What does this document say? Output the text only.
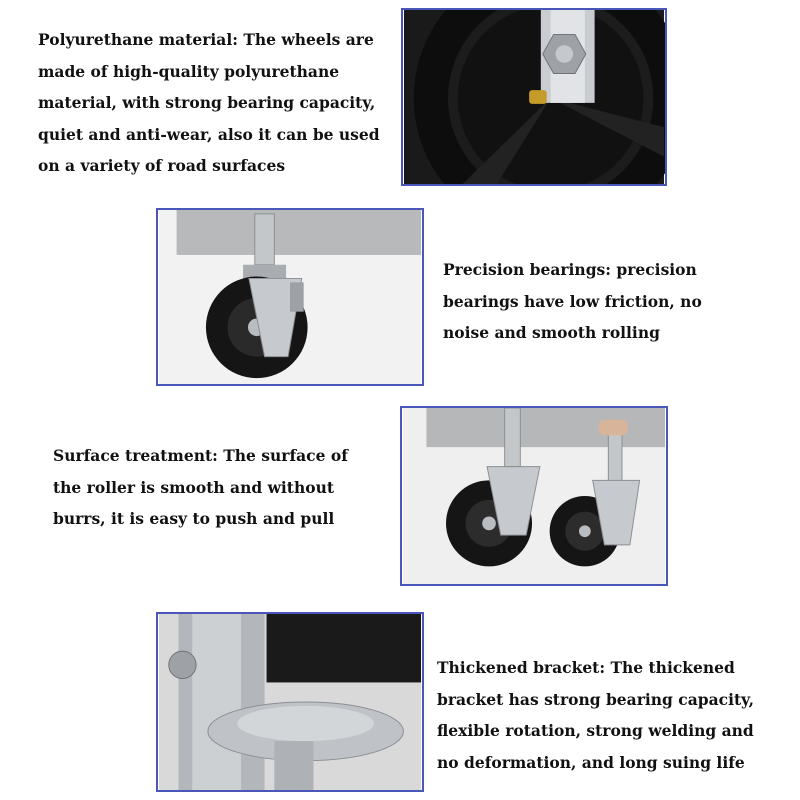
Polyurethane material: The wheels are
made of high-quality polyurethane
material, with strong bearing capacity,
quiet and anti-wear, also it can be used
on a variety of road surfaces
Precision bearings: precision
bearings have low friction, no
noise and smooth rolling
Surface treatment: The surface of
the roller is smooth and without
burrs, it is easy to push and pull
Thickened bracket: The thickened
bracket has strong bearing capacity,
flexible rotation, strong welding and
no deformation, and long suing life
